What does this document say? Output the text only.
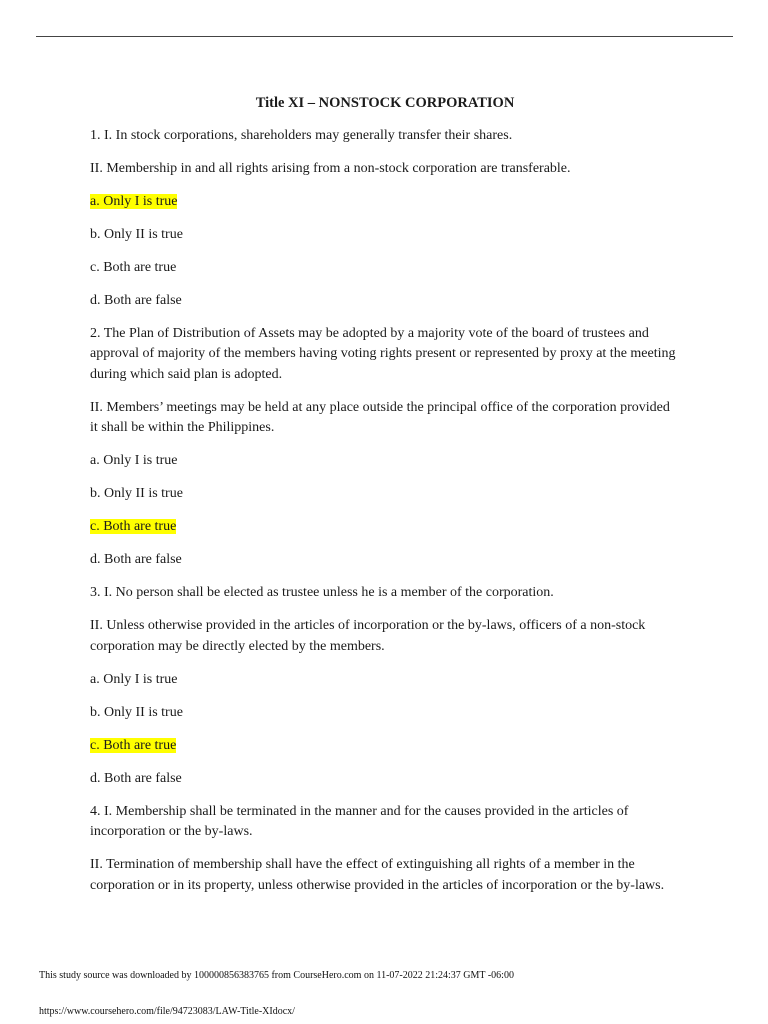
Title XI – NONSTOCK CORPORATION

1. I. In stock corporations, shareholders may generally transfer their shares.

II. Membership in and all rights arising from a non-stock corporation are transferable.

a. Only I is true

b. Only II is true

c. Both are true

d. Both are false

2. The Plan of Distribution of Assets may be adopted by a majority vote of the board of trustees and approval of majority of the members having voting rights present or represented by proxy at the meeting during which said plan is adopted.

II. Members’ meetings may be held at any place outside the principal office of the corporation provided it shall be within the Philippines.

a. Only I is true

b. Only II is true

c. Both are true

d. Both are false

3. I. No person shall be elected as trustee unless he is a member of the corporation.

II. Unless otherwise provided in the articles of incorporation or the by-laws, officers of a non-stock corporation may be directly elected by the members.

a. Only I is true

b. Only II is true

c. Both are true

d. Both are false

4. I. Membership shall be terminated in the manner and for the causes provided in the articles of incorporation or the by-laws.

II. Termination of membership shall have the effect of extinguishing all rights of a member in the corporation or in its property, unless otherwise provided in the articles of incorporation or the by-laws.

This study source was downloaded by 100000856383765 from CourseHero.com on 11-07-2022 21:24:37 GMT -06:00
https://www.coursehero.com/file/94723083/LAW-Title-XIdocx/
